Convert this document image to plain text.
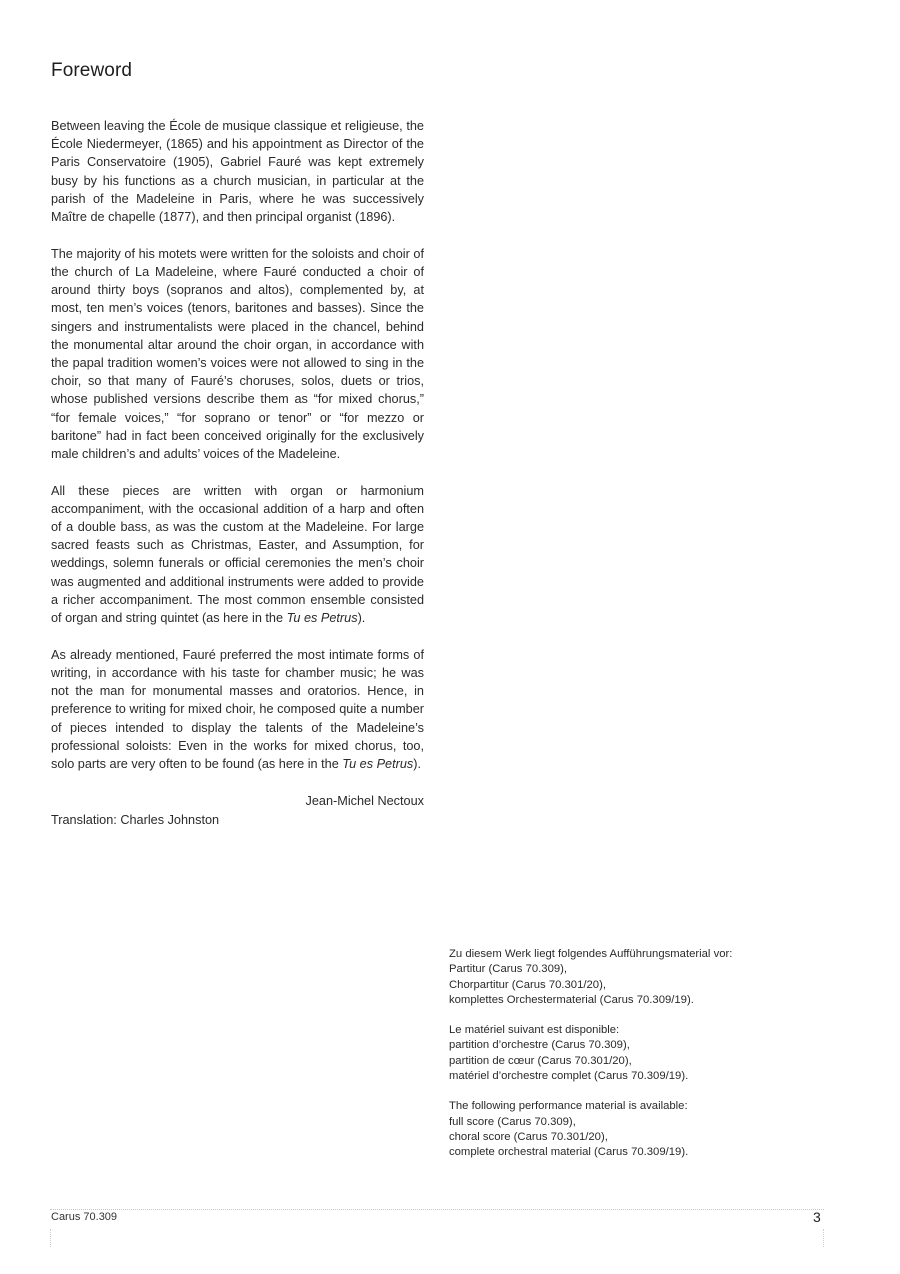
Foreword

Between leaving the École de musique classique et religieuse, the École Niedermeyer, (1865) and his appointment as Director of the Paris Conservatoire (1905), Gabriel Fauré was kept extremely busy by his functions as a church musician, in particular at the parish of the Madeleine in Paris, where he was successively Maître de chapelle (1877), and then principal organist (1896).

The majority of his motets were written for the soloists and choir of the church of La Madeleine, where Fauré conducted a choir of around thirty boys (sopranos and altos), complemented by, at most, ten men’s voices (tenors, baritones and basses). Since the singers and instrumentalists were placed in the chancel, behind the monumental altar around the choir organ, in accordance with the papal tradition women’s voices were not allowed to sing in the choir, so that many of Fauré’s choruses, solos, duets or trios, whose published versions describe them as “for mixed chorus,” “for female voices,” “for soprano or tenor” or “for mezzo or baritone” had in fact been conceived originally for the exclusively male children’s and adults’ voices of the Madeleine.

All these pieces are written with organ or harmonium accompaniment, with the occasional addition of a harp and often of a double bass, as was the custom at the Madeleine. For large sacred feasts such as Christmas, Easter, and Assumption, for weddings, solemn funerals or official ceremonies the men’s choir was augmented and additional instruments were added to provide a richer accompaniment. The most common ensemble consisted of organ and string quintet (as here in the Tu es Petrus).

As already mentioned, Fauré preferred the most intimate forms of writing, in accordance with his taste for chamber music; he was not the man for monumental masses and oratorios. Hence, in preference to writing for mixed choir, he composed quite a number of pieces intended to display the talents of the Madeleine’s professional soloists: Even in the works for mixed chorus, too, solo parts are very often to be found (as here in the Tu es Petrus).

Jean-Michel Nectoux

Translation: Charles Johnston

Zu diesem Werk liegt folgendes Aufführungsmaterial vor:
Partitur (Carus 70.309),
Chorpartitur (Carus 70.301/20),
komplettes Orchestermaterial (Carus 70.309/19).
Le matériel suivant est disponible:
partition d’orchestre (Carus 70.309),
partition de cœur (Carus 70.301/20),
matériel d’orchestre complet (Carus 70.309/19).
The following performance material is available:
full score (Carus 70.309),
choral score (Carus 70.301/20),
complete orchestral material (Carus 70.309/19).
Carus 70.309	3
